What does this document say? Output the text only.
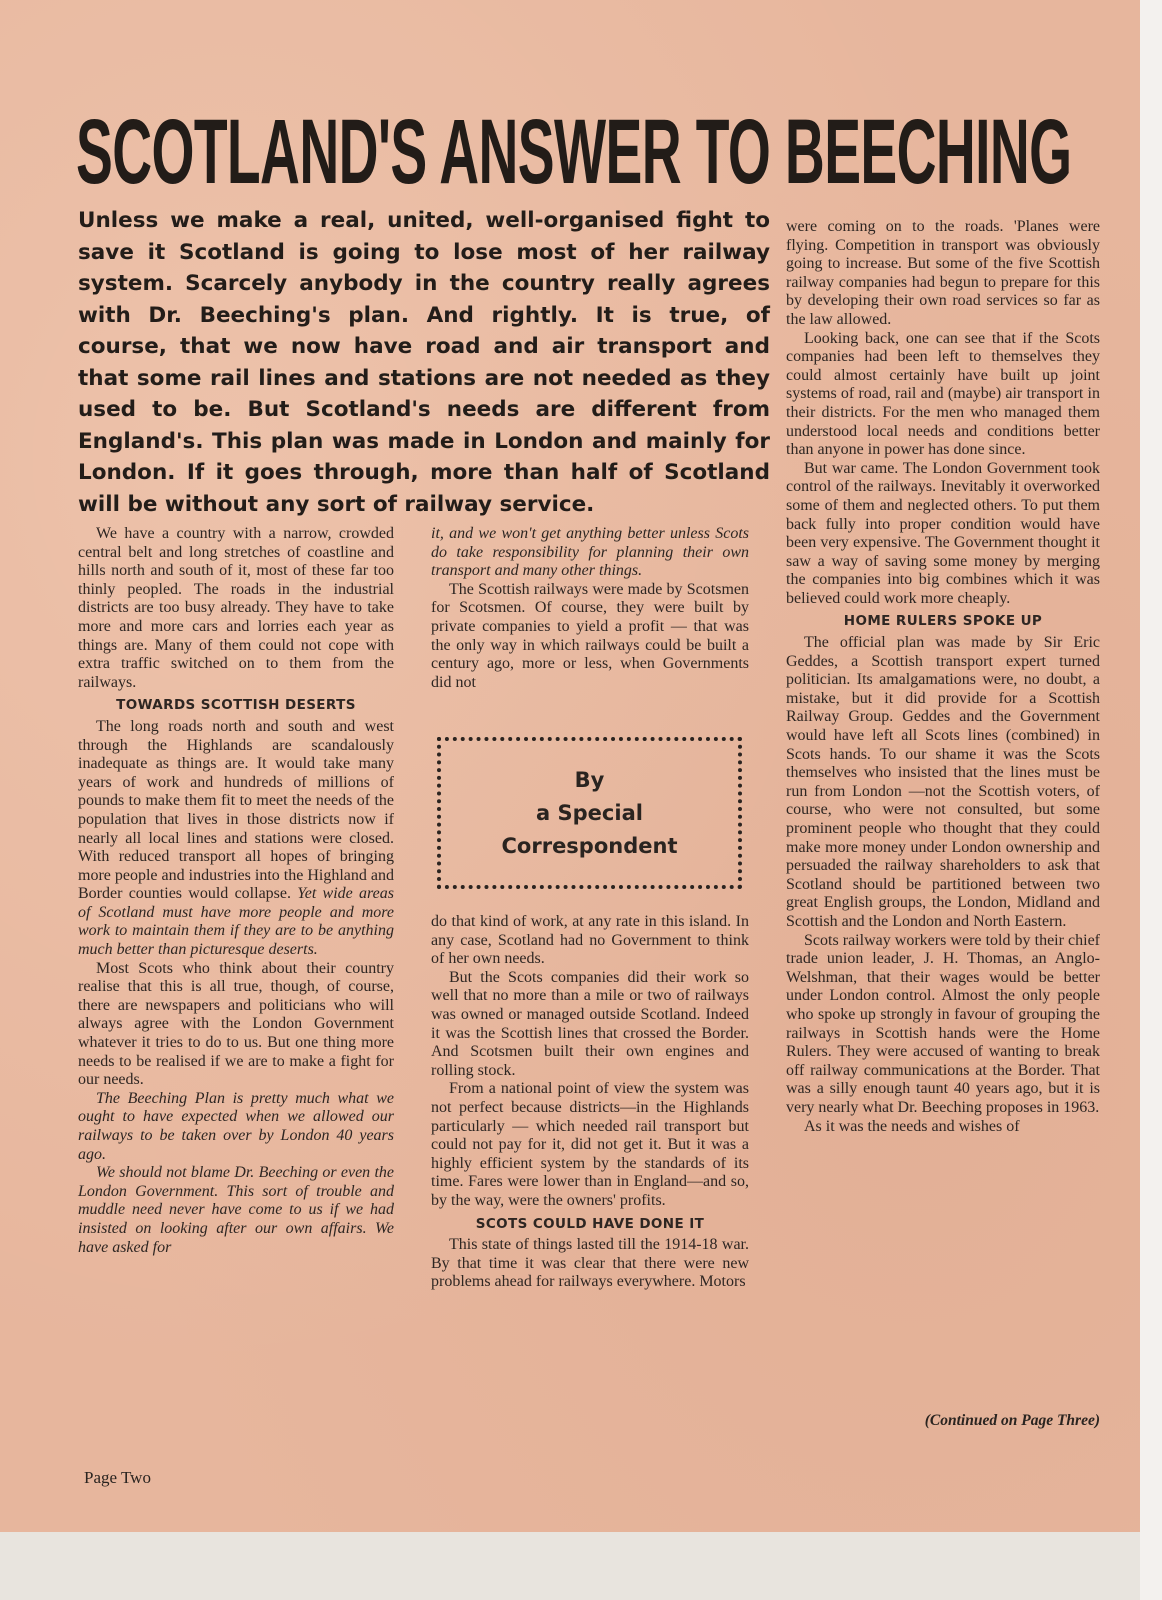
SCOTLAND'S ANSWER TO BEECHING
Unless we make a real, united, well-organised fight to save it Scotland is going to lose most of her railway system. Scarcely anybody in the country really agrees with Dr. Beeching's plan. And rightly. It is true, of course, that we now have road and air transport and that some rail lines and stations are not needed as they used to be. But Scotland's needs are different from England's. This plan was made in London and mainly for London. If it goes through, more than half of Scotland will be without any sort of railway service.

We have a country with a narrow, crowded central belt and long stretches of coastline and hills north and south of it, most of these far too thinly peopled. The roads in the industrial districts are too busy already. They have to take more and more cars and lorries each year as things are. Many of them could not cope with extra traffic switched on to them from the railways.

TOWARDS SCOTTISH DESERTS

The long roads north and south and west through the Highlands are scandalously inadequate as things are. It would take many years of work and hundreds of millions of pounds to make them fit to meet the needs of the population that lives in those districts now if nearly all local lines and stations were closed. With reduced transport all hopes of bringing more people and industries into the Highland and Border counties would collapse. Yet wide areas of Scotland must have more people and more work to maintain them if they are to be anything much better than picturesque deserts.

Most Scots who think about their country realise that this is all true, though, of course, there are newspapers and politicians who will always agree with the London Government whatever it tries to do to us. But one thing more needs to be realised if we are to make a fight for our needs.

The Beeching Plan is pretty much what we ought to have expected when we allowed our railways to be taken over by London 40 years ago.

We should not blame Dr. Beeching or even the London Government. This sort of trouble and muddle need never have come to us if we had insisted on looking after our own affairs. We have asked for

it, and we won't get anything better unless Scots do take responsibility for planning their own transport and many other things.

The Scottish railways were made by Scotsmen for Scotsmen. Of course, they were built by private companies to yield a profit — that was the only way in which railways could be built a century ago, more or less, when Governments did not

By
a Special
Correspondent

do that kind of work, at any rate in this island. In any case, Scotland had no Government to think of her own needs.

But the Scots companies did their work so well that no more than a mile or two of railways was owned or managed outside Scotland. Indeed it was the Scottish lines that crossed the Border. And Scotsmen built their own engines and rolling stock.

From a national point of view the system was not perfect because districts—in the Highlands particularly — which needed rail transport but could not pay for it, did not get it. But it was a highly efficient system by the standards of its time. Fares were lower than in England—and so, by the way, were the owners' profits.

SCOTS COULD HAVE DONE IT

This state of things lasted till the 1914-18 war. By that time it was clear that there were new problems ahead for railways everywhere. Motors

were coming on to the roads. 'Planes were flying. Competition in transport was obviously going to increase. But some of the five Scottish railway companies had begun to prepare for this by developing their own road services so far as the law allowed.

Looking back, one can see that if the Scots companies had been left to themselves they could almost certainly have built up joint systems of road, rail and (maybe) air transport in their districts. For the men who managed them understood local needs and conditions better than anyone in power has done since.

But war came. The London Government took control of the railways. Inevitably it overworked some of them and neglected others. To put them back fully into proper condition would have been very expensive. The Government thought it saw a way of saving some money by merging the companies into big combines which it was believed could work more cheaply.

HOME RULERS SPOKE UP

The official plan was made by Sir Eric Geddes, a Scottish transport expert turned politician. Its amalgamations were, no doubt, a mistake, but it did provide for a Scottish Railway Group. Geddes and the Government would have left all Scots lines (combined) in Scots hands. To our shame it was the Scots themselves who insisted that the lines must be run from London —not the Scottish voters, of course, who were not consulted, but some prominent people who thought that they could make more money under London ownership and persuaded the railway shareholders to ask that Scotland should be partitioned between two great English groups, the London, Midland and Scottish and the London and North Eastern.

Scots railway workers were told by their chief trade union leader, J. H. Thomas, an Anglo-Welshman, that their wages would be better under London control. Almost the only people who spoke up strongly in favour of grouping the railways in Scottish hands were the Home Rulers. They were accused of wanting to break off railway communications at the Border. That was a silly enough taunt 40 years ago, but it is very nearly what Dr. Beeching proposes in 1963.

As it was the needs and wishes of

(Continued on Page Three)
Page Two
